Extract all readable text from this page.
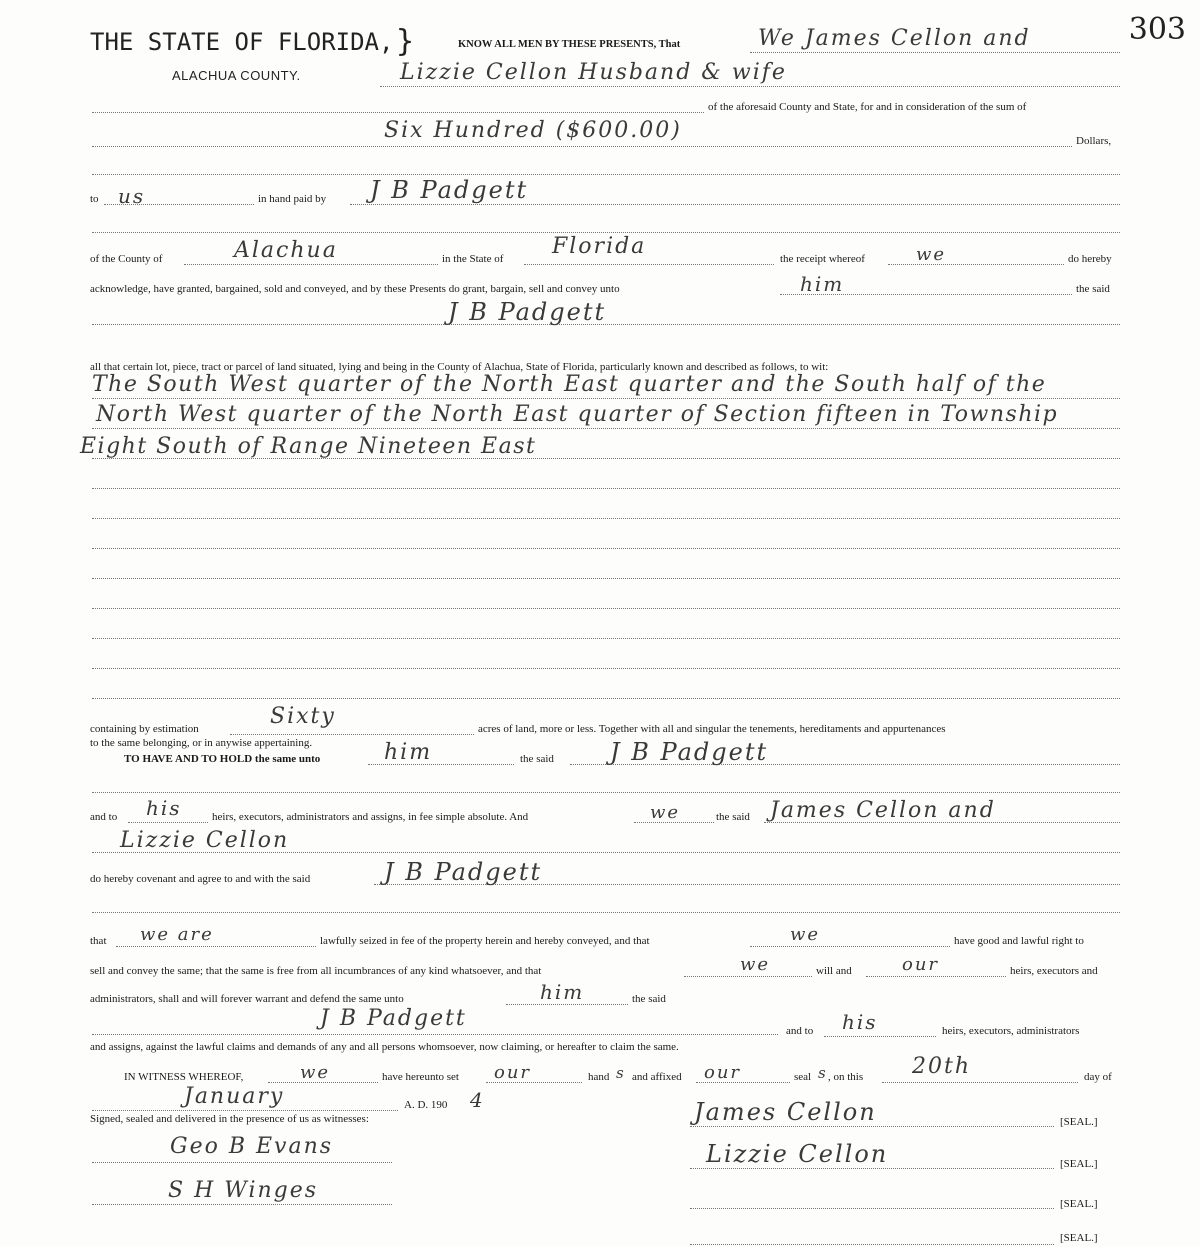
303
THE STATE OF FLORIDA, }
ALACHUA COUNTY.
KNOW ALL MEN BY THESE PRESENTS, That	We James Cellon and
Lizzie Cellon Husband & wife
of the aforesaid County and State, for and in consideration of the sum of
Six Hundred ($600.00)	Dollars,
to us	in hand paid by J B Padgett
of the County of	Alachua	in the State of Florida	the receipt whereof	we	do hereby
acknowledge, have granted, bargained, sold and conveyed, and by these Presents do grant, bargain, sell and convey unto	him	the said
J B Padgett
all that certain lot, piece, tract or parcel of land situated, lying and being in the County of Alachua, State of Florida, particularly known and described as follows, to wit:
The South West quarter of the North East quarter and the South half of the
North West quarter of the North East quarter of Section fifteen in Township
Eight South of Range Nineteen East
containing by estimation	Sixty	acres of land, more or less. Together with all and singular the tenements, hereditaments and appurtenances
to the same belonging, or in anywise appertaining.
TO HAVE AND TO HOLD the same unto	him	the said J B Padgett
and to his	heirs, executors, administrators and assigns, in fee simple absolute. And	we	the said James Cellon and
Lizzie Cellon
do hereby covenant and agree to and with the said	J B Padgett
that we are	lawfully seized in fee of the property herein and hereby conveyed, and that	we	have good and lawful right to
sell and convey the same; that the same is free from all incumbrances of any kind whatsoever, and that	we	will and	our	heirs, executors and
administrators, shall and will forever warrant and defend the same unto	him	the said
J B Padgett	and to his	heirs, executors, administrators
and assigns, against the lawful claims and demands of any and all persons whomsoever, now claiming, or hereafter to claim the same.
IN WITNESS WHEREOF,	we	have hereunto set our	hand s and affixed our	seal s , on this 20th	day of
January	A. D. 190 4
Signed, sealed and delivered in the presence of us as witnesses:	James Cellon	[SEAL.]
Geo B Evans	Lizzie Cellon	[SEAL.]
S H Winges
[SEAL.]
[SEAL.]
